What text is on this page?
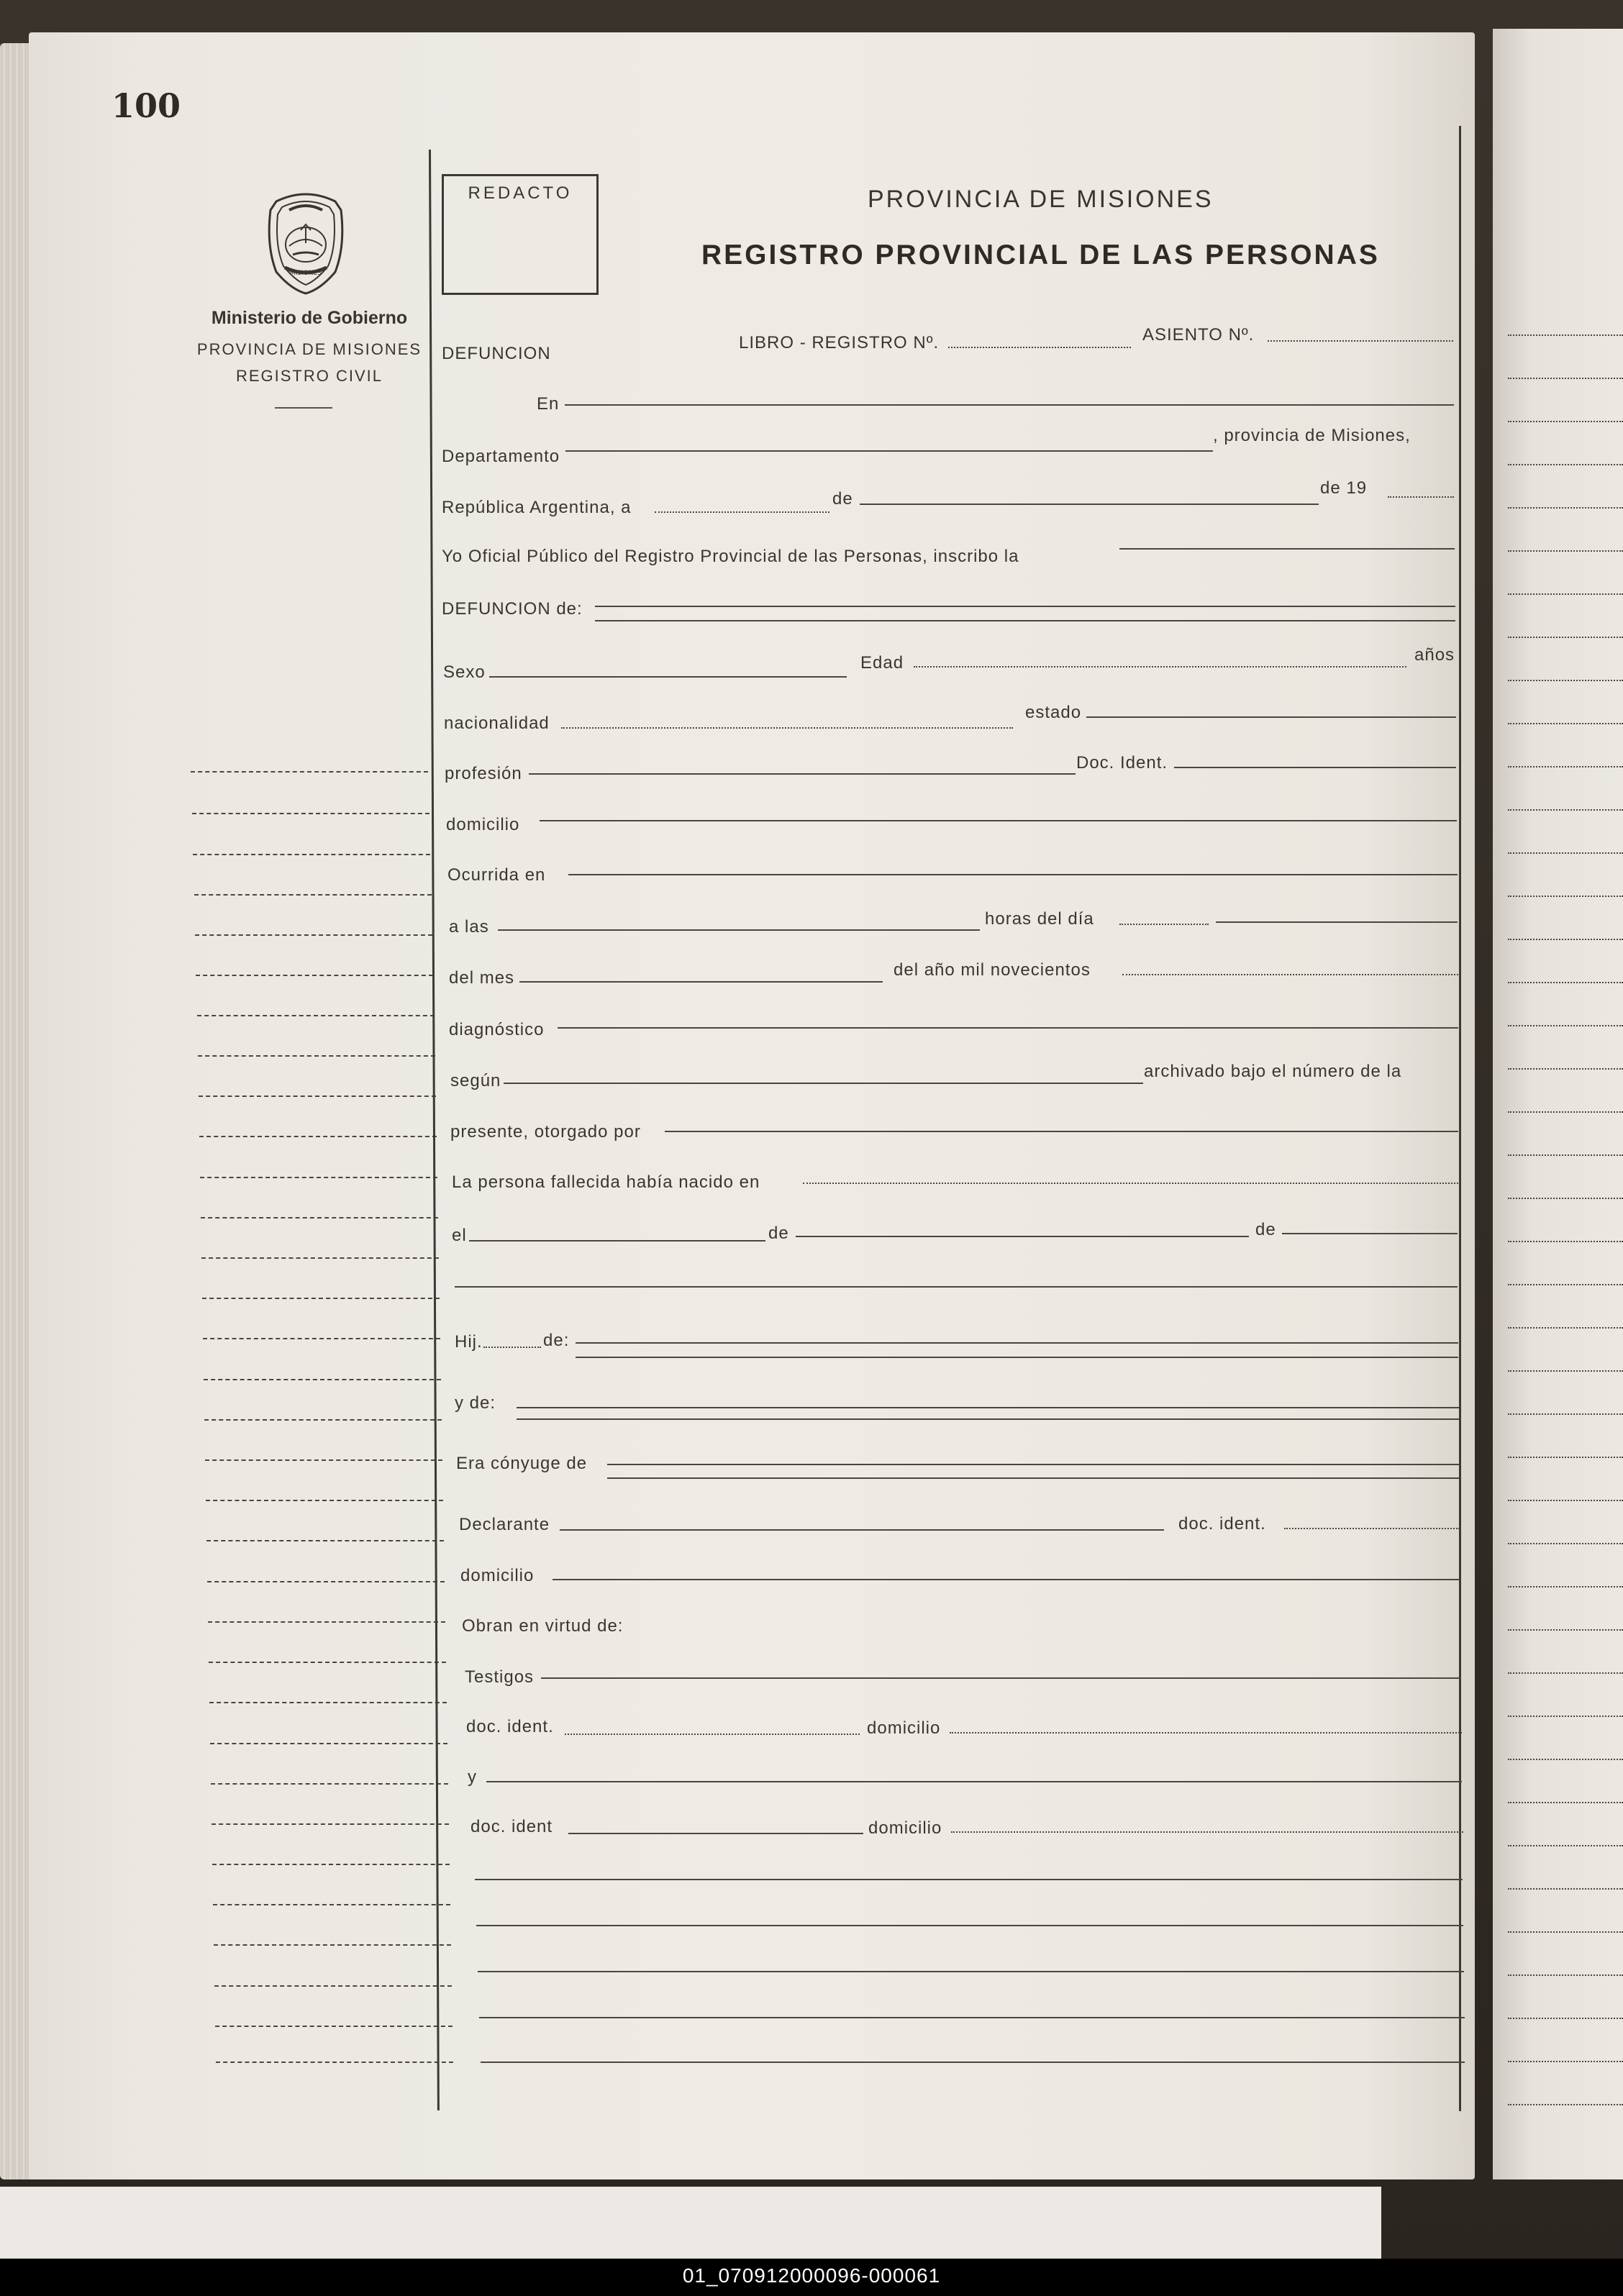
100
MISIONES
Ministerio de Gobierno
PROVINCIA DE MISIONES
REGISTRO CIVIL
REDACTO	PROVINCIA DE MISIONES
REGISTRO PROVINCIAL DE LAS PERSONAS
DEFUNCION
LIBRO - REGISTRO Nº.	ASIENTO Nº.
En
Departamento
, provincia de Misiones,
República Argentina, a	de
de 19
Yo Oficial Público del Registro Provincial de las Personas, inscribo la
DEFUNCION de:
Sexo	Edad	años
nacionalidad
estado
profesión
Doc. Ident.
domicilio
Ocurrida en
a las	horas del día
del mes	del año mil novecientos
diagnóstico
según	archivado bajo el número de la
presente, otorgado por
La persona fallecida había nacido en
el	de	de
Hij.	de:
y de:
Era cónyuge de
Declarante	doc. ident.
domicilio
Obran en virtud de:
Testigos
doc. ident.	domicilio
y
doc. ident	domicilio
01_070912000096-000061
